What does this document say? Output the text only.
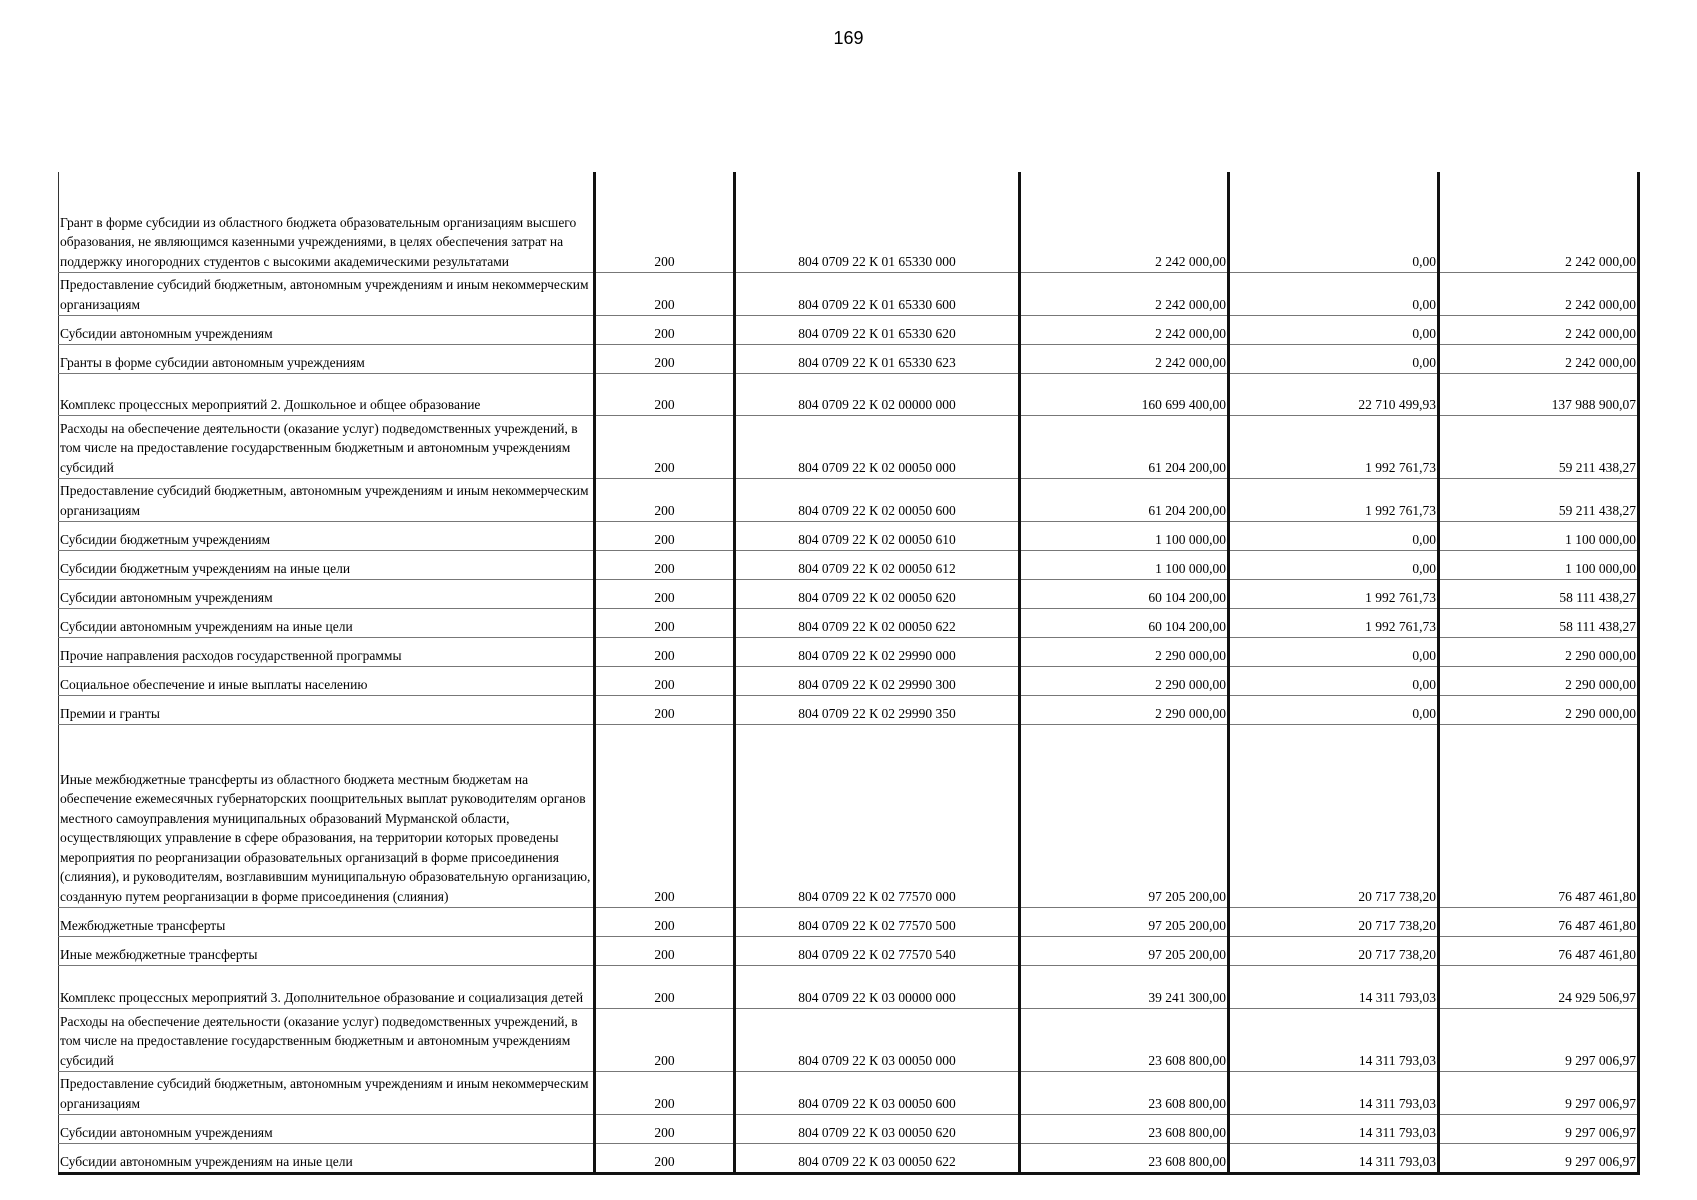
169
Грант в форме субсидии из областного бюджета образовательным организациям высшего образования, не являющимся казенными учреждениями, в целях обеспечения затрат на поддержку иногородних студентов с высокими академическими результатами	200	804 0709 22 К 01 65330 000	2 242 000,00	0,00	2 242 000,00
Предоставление субсидий бюджетным, автономным учреждениям и иным некоммерческим организациям	200	804 0709 22 К 01 65330 600	2 242 000,00	0,00	2 242 000,00
Субсидии автономным учреждениям	200	804 0709 22 К 01 65330 620	2 242 000,00	0,00	2 242 000,00
Гранты в форме субсидии автономным учреждениям	200	804 0709 22 К 01 65330 623	2 242 000,00	0,00	2 242 000,00
Комплекс процессных мероприятий 2. Дошкольное и общее образование	200	804 0709 22 К 02 00000 000	160 699 400,00	22 710 499,93	137 988 900,07
Расходы на обеспечение деятельности (оказание услуг) подведомственных учреждений, в том числе на предоставление государственным бюджетным и автономным учреждениям субсидий	200	804 0709 22 К 02 00050 000	61 204 200,00	1 992 761,73	59 211 438,27
Предоставление субсидий бюджетным, автономным учреждениям и иным некоммерческим организациям	200	804 0709 22 К 02 00050 600	61 204 200,00	1 992 761,73	59 211 438,27
Субсидии бюджетным учреждениям	200	804 0709 22 К 02 00050 610	1 100 000,00	0,00	1 100 000,00
Субсидии бюджетным учреждениям на иные цели	200	804 0709 22 К 02 00050 612	1 100 000,00	0,00	1 100 000,00
Субсидии автономным учреждениям	200	804 0709 22 К 02 00050 620	60 104 200,00	1 992 761,73	58 111 438,27
Субсидии автономным учреждениям на иные цели	200	804 0709 22 К 02 00050 622	60 104 200,00	1 992 761,73	58 111 438,27
Прочие направления расходов государственной программы	200	804 0709 22 К 02 29990 000	2 290 000,00	0,00	2 290 000,00
Социальное обеспечение и иные выплаты населению	200	804 0709 22 К 02 29990 300	2 290 000,00	0,00	2 290 000,00
Премии и гранты	200	804 0709 22 К 02 29990 350	2 290 000,00	0,00	2 290 000,00
Иные межбюджетные трансферты из областного бюджета местным бюджетам на обеспечение ежемесячных губернаторских поощрительных выплат руководителям органов местного самоуправления муниципальных образований Мурманской области, осуществляющих управление в сфере образования, на территории которых проведены мероприятия по реорганизации образовательных организаций в форме присоединения (слияния), и руководителям, возглавившим муниципальную образовательную организацию, созданную путем реорганизации в форме присоединения (слияния)	200	804 0709 22 К 02 77570 000	97 205 200,00	20 717 738,20	76 487 461,80
Межбюджетные трансферты	200	804 0709 22 К 02 77570 500	97 205 200,00	20 717 738,20	76 487 461,80
Иные межбюджетные трансферты	200	804 0709 22 К 02 77570 540	97 205 200,00	20 717 738,20	76 487 461,80
Комплекс процессных мероприятий 3. Дополнительное образование и социализация детей	200	804 0709 22 К 03 00000 000	39 241 300,00	14 311 793,03	24 929 506,97
Расходы на обеспечение деятельности (оказание услуг) подведомственных учреждений, в том числе на предоставление государственным бюджетным и автономным учреждениям субсидий	200	804 0709 22 К 03 00050 000	23 608 800,00	14 311 793,03	9 297 006,97
Предоставление субсидий бюджетным, автономным учреждениям и иным некоммерческим организациям	200	804 0709 22 К 03 00050 600	23 608 800,00	14 311 793,03	9 297 006,97
Субсидии автономным учреждениям	200	804 0709 22 К 03 00050 620	23 608 800,00	14 311 793,03	9 297 006,97
Субсидии автономным учреждениям на иные цели	200	804 0709 22 К 03 00050 622	23 608 800,00	14 311 793,03	9 297 006,97
